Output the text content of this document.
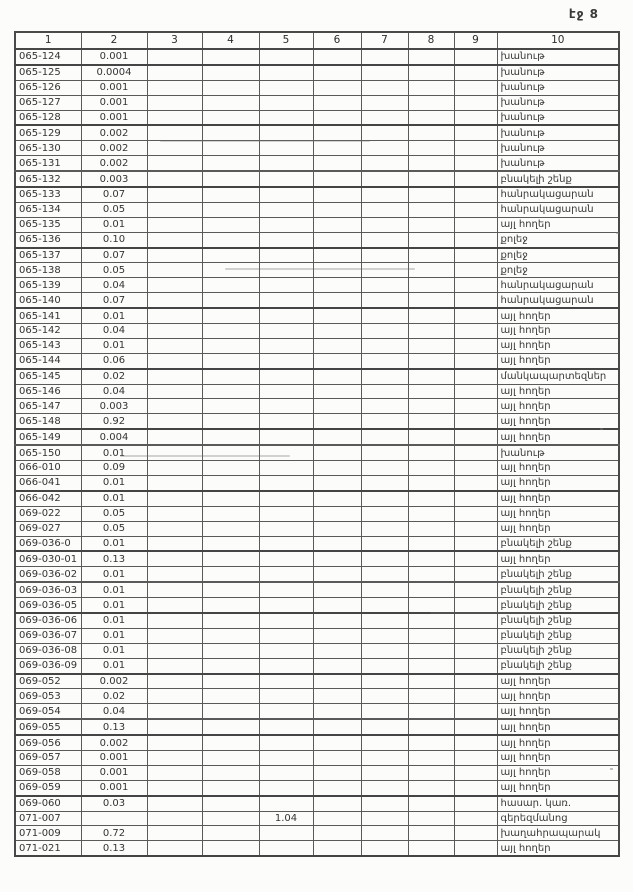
էջ 8
1	2	3	4	5	6	7	8	9	10
065-124	0.001								խանութ
065-125	0.0004								խանութ
065-126	0.001								խանութ
065-127	0.001								խանութ
065-128	0.001								խանութ
065-129	0.002								խանութ
065-130	0.002								խանութ
065-131	0.002								խանութ
065-132	0.003								բնակելի շենք
065-133	0.07								հանրակացարան
065-134	0.05								հանրակացարան
065-135	0.01								այլ հողեր
065-136	0.10								քոլեջ
065-137	0.07								քոլեջ
065-138	0.05								քոլեջ
065-139	0.04								հանրակացարան
065-140	0.07								հանրակացարան
065-141	0.01								այլ հողեր
065-142	0.04								այլ հողեր
065-143	0.01								այլ հողեր
065-144	0.06								այլ հողեր
065-145	0.02								մանկապարտեզներ
065-146	0.04								այլ հողեր
065-147	0.003								այլ հողեր
065-148	0.92								այլ հողեր
065-149	0.004								այլ հողեր
065-150	0.01								խանութ
066-010	0.09								այլ հողեր
066-041	0.01								այլ հողեր
066-042	0.01								այլ հողեր
069-022	0.05								այլ հողեր
069-027	0.05								այլ հողեր
069-036-0	0.01								բնակելի շենք
069-030-01	0.13								այլ հողեր
069-036-02	0.01								բնակելի շենք
069-036-03	0.01								բնակելի շենք
069-036-05	0.01								բնակելի շենք
069-036-06	0.01								բնակելի շենք
069-036-07	0.01								բնակելի շենք
069-036-08	0.01								բնակելի շենք
069-036-09	0.01								բնակելի շենք
069-052	0.002								այլ հողեր
069-053	0.02								այլ հողեր
069-054	0.04								այլ հողեր
069-055	0.13								այլ հողեր
069-056	0.002								այլ հողեր
069-057	0.001								այլ հողեր
069-058	0.001								այլ հողեր
069-059	0.001								այլ հողեր
069-060	0.03								հասար. կառ.
071-007				1.04					գերեզմանոց
071-009	0.72								խաղահրապարակ
071-021	0.13								այլ հողեր
